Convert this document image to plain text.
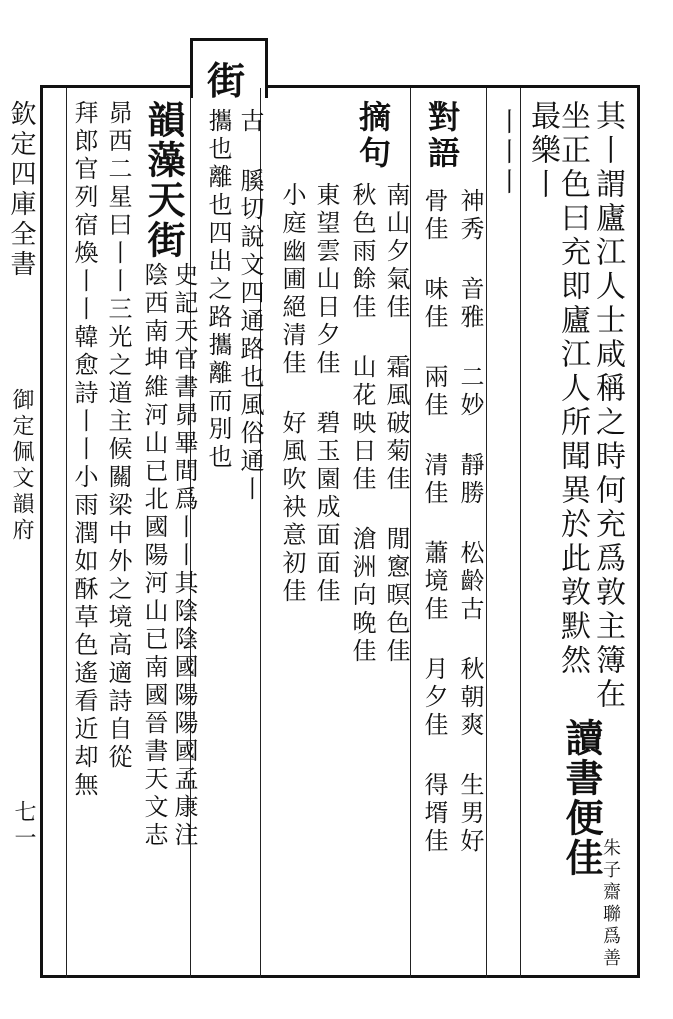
欽定四庫全書
御定佩文韻府
七一
街
其丨謂廬江人士咸稱之時何充爲敦主簿在
坐正色曰充即廬江人所聞異於此敦默然
最樂丨
讀書便佳
朱子齋聯爲善
丨丨丨
對語
神秀 音雅 二妙 靜勝 松齡古 秋朝爽 生男好
骨佳 味佳 兩佳 清佳 蕭境佳 月夕佳 得壻佳
摘句
南山夕氣佳 霜風破菊佳 閒窻暝色佳
秋色雨餘佳 山花映日佳 滄洲向晚佳
東望雲山日夕佳 碧玉園成面面佳
小庭幽圃絕清佳 好風吹袂意初佳
古 膎切說文四通路也風俗通丨
攜也離也四出之路攜離而別也
韻藻天街
史記天官書昴畢間爲丨丨其陰陰國陽陽國孟康注
陰西南坤維河山已北國陽河山已南國晉書天文志
昴西二星曰丨丨三光之道主候關梁中外之境高適詩自從
拜郎官列宿煥丨丨韓愈詩丨丨小雨潤如酥草色遙看近却無
